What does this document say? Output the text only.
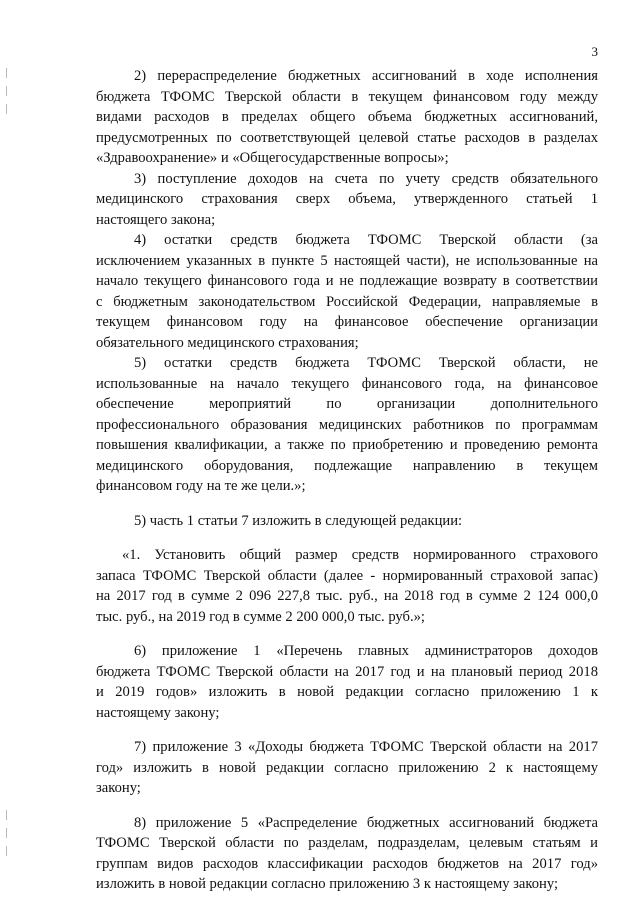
3

2) перераспределение бюджетных ассигнований в ходе исполнения
бюджета ТФОМС Тверской области в текущем финансовом году между
видами расходов в пределах общего объема бюджетных ассигнований,
предусмотренных по соответствующей целевой статье расходов в разделах
«Здравоохранение» и «Общегосударственные вопросы»;

3) поступление доходов на счета по учету средств обязательного
медицинского страхования сверх объема, утвержденного статьей 1
настоящего закона;

4) остатки средств бюджета ТФОМС Тверской области (за
исключением указанных в пункте 5 настоящей части), не использованные на
начало текущего финансового года и не подлежащие возврату в соответствии
с бюджетным законодательством Российской Федерации, направляемые в
текущем финансовом году на финансовое обеспечение организации
обязательного медицинского страхования;

5) остатки средств бюджета ТФОМС Тверской области, не
использованные на начало текущего финансового года, на финансовое
обеспечение мероприятий по организации дополнительного
профессионального образования медицинских работников по программам
повышения квалификации, а также по приобретению и проведению ремонта
медицинского оборудования, подлежащие направлению в текущем
финансовом году на те же цели.»;

5) часть 1 статьи 7 изложить в следующей редакции:

«1. Установить общий размер средств нормированного страхового
запаса ТФОМС Тверской области (далее - нормированный страховой запас)
на 2017 год в сумме 2 096 227,8 тыс. руб., на 2018 год в сумме 2 124 000,0
тыс. руб., на 2019 год в сумме 2 200 000,0 тыс. руб.»;

6) приложение 1 «Перечень главных администраторов доходов
бюджета ТФОМС Тверской области на 2017 год и на плановый период 2018
и 2019 годов» изложить в новой редакции согласно приложению 1 к
настоящему закону;

7) приложение 3 «Доходы бюджета ТФОМС Тверской области на 2017
год» изложить в новой редакции согласно приложению 2 к настоящему
закону;

8) приложение 5 «Распределение бюджетных ассигнований бюджета
ТФОМС Тверской области по разделам, подразделам, целевым статьям и
группам видов расходов классификации расходов бюджетов на 2017 год»
изложить в новой редакции согласно приложению 3 к настоящему закону;
